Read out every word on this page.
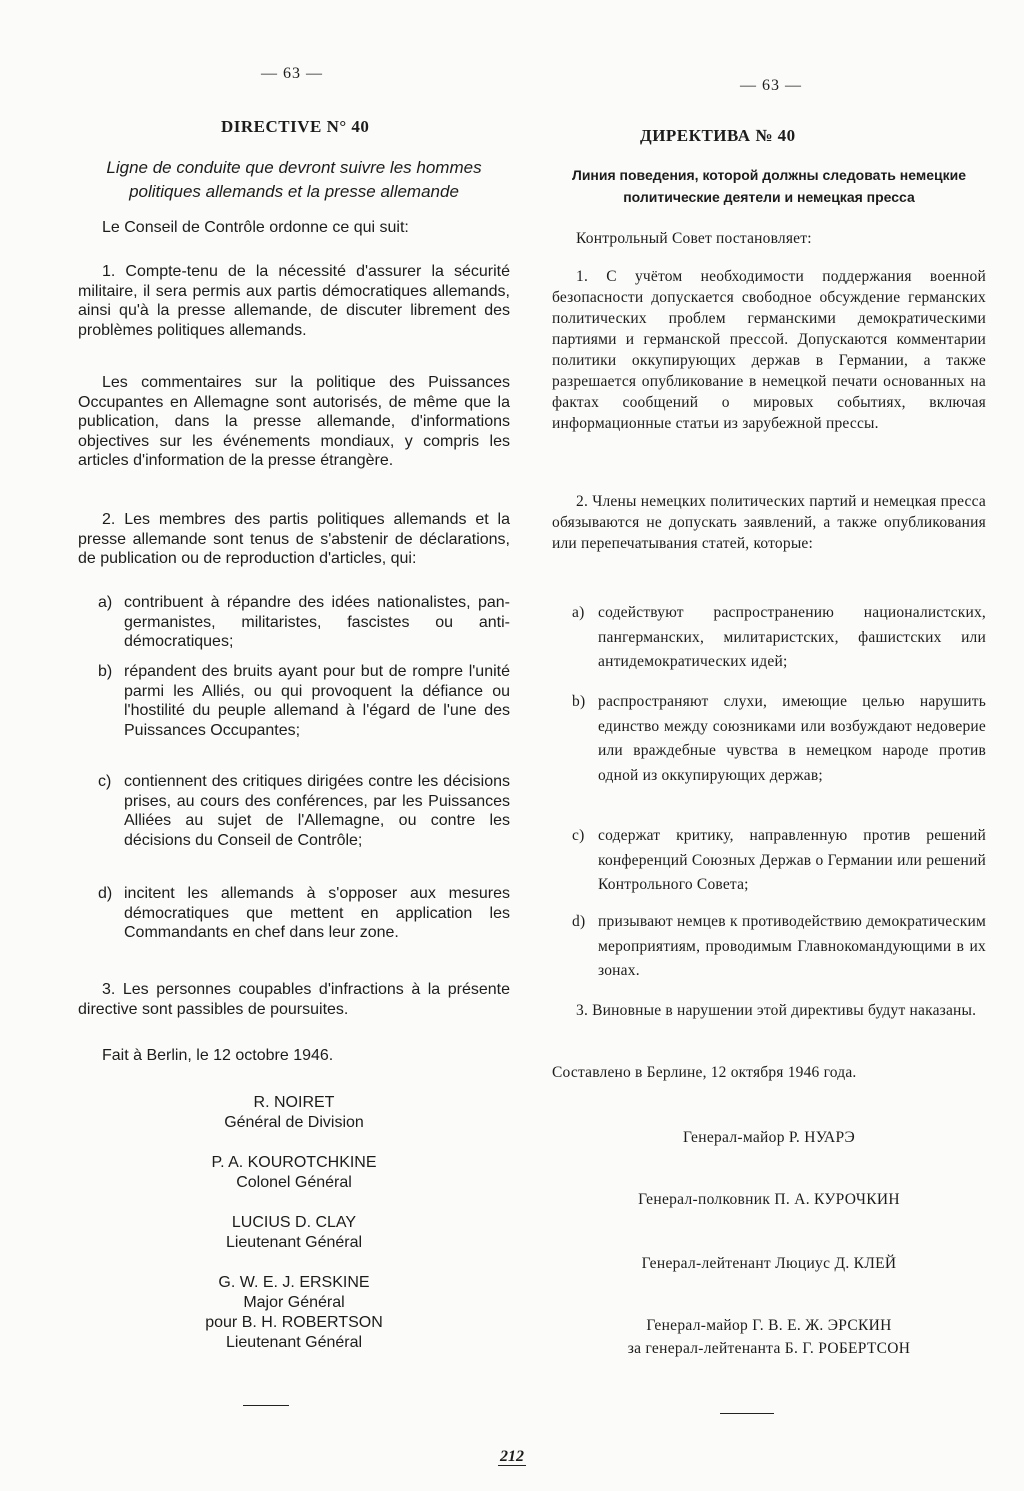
— 63 —
DIRECTIVE N° 40
Ligne de conduite que devront suivre les hommes politiques allemands et la presse allemande
Le Conseil de Contrôle ordonne ce qui suit:
1. Compte-tenu de la nécessité d'assurer la sécurité militaire, il sera permis aux partis démocratiques allemands, ainsi qu'à la presse allemande, de discuter librement des problèmes politiques allemands.
Les commentaires sur la politique des Puissances Occupantes en Allemagne sont autorisés, de même que la publication, dans la presse allemande, d'informations objectives sur les événements mondiaux, y compris les articles d'information de la presse étrangère.
2. Les membres des partis politiques allemands et la presse allemande sont tenus de s'abstenir de déclarations, de publication ou de reproduction d'articles, qui:
a) contribuent à répandre des idées nationalistes, pan-germanistes, militaristes, fascistes ou anti-démocratiques;
b) répandent des bruits ayant pour but de rompre l'unité parmi les Alliés, ou qui provoquent la défiance ou l'hostilité du peuple allemand à l'égard de l'une des Puissances Occupantes;
c) contiennent des critiques dirigées contre les décisions prises, au cours des conférences, par les Puissances Alliées au sujet de l'Allemagne, ou contre les décisions du Conseil de Contrôle;
d) incitent les allemands à s'opposer aux mesures démocratiques que mettent en application les Commandants en chef dans leur zone.
3. Les personnes coupables d'infractions à la présente directive sont passibles de poursuites.
Fait à Berlin, le 12 octobre 1946.
R. NOIRET
Général de Division
P. A. KOUROTCHKINE
Colonel Général
LUCIUS D. CLAY
Lieutenant Général
G. W. E. J. ERSKINE
Major Général
pour B. H. ROBERTSON
Lieutenant Général
— 63 —
ДИРЕКТИВА № 40
Линия поведения, которой должны следовать немецкие политические деятели и немецкая пресса
Контрольный Совет постановляет:
1. С учётом необходимости поддержания военной безопасности допускается свободное обсуждение германских политических проблем германскими демократическими партиями и германской прессой. Допускаются комментарии политики оккупирующих держав в Германии, а также разрешается опубликование в немецкой печати основанных на фактах сообщений о мировых событиях, включая информационные статьи из зарубежной прессы.
2. Члены немецких политических партий и немецкая пресса обязываются не допускать заявлений, а также опубликования или перепечатывания статей, которые:
a) содействуют распространению националистских, пангерманских, милитаристских, фашистских или антидемократических идей;
b) распространяют слухи, имеющие целью нарушить единство между союзниками или возбуждают недоверие или враждебные чувства в немецком народе против одной из оккупирующих держав;
c) содержат критику, направленную против решений конференций Союзных Держав о Германии или решений Контрольного Совета;
d) призывают немцев к противодействию демократическим мероприятиям, проводимым Главнокомандующими в их зонах.
3. Виновные в нарушении этой директивы будут наказаны.
Составлено в Берлине, 12 октября 1946 года.
Генерал-майор Р. НУАРЭ
Генерал-полковник П. А. КУРОЧКИН
Генерал-лейтенант Люциус Д. КЛЕЙ
Генерал-майор Г. В. Е. Ж. ЭРСКИН
за генерал-лейтенанта Б. Г. РОБЕРТСОН
212
